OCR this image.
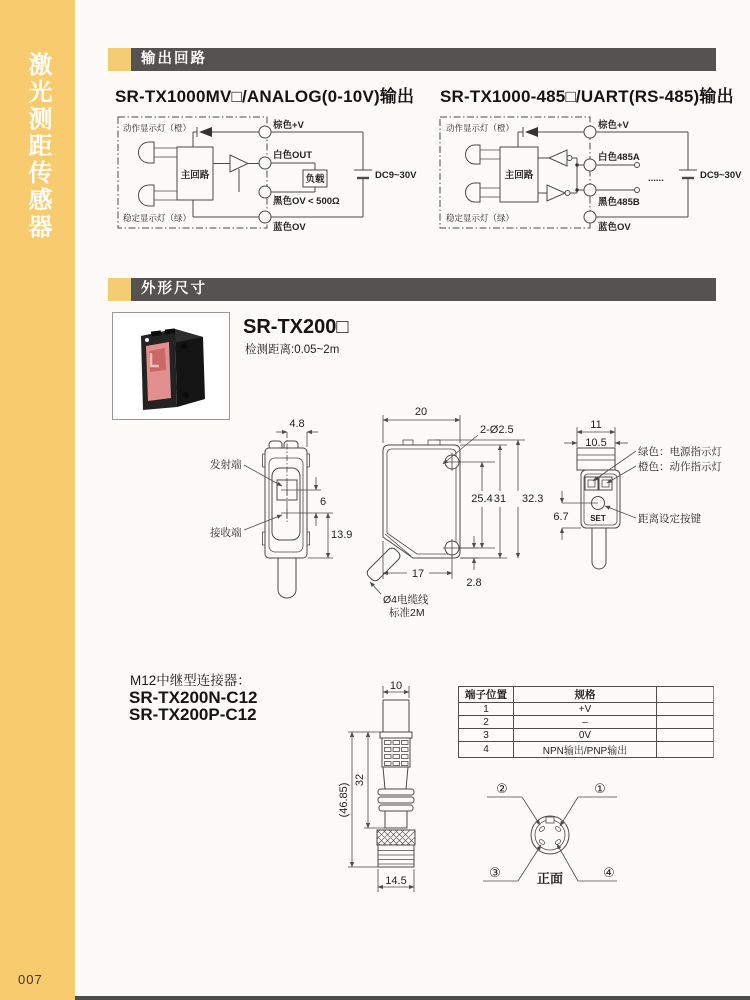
激光测距传感器
007
输出回路
SR-TX1000MV□/ANALOG(0-10V)输出 SR-TX1000-485□/UART(RS-485)输出
动作显示灯（橙）
稳定显示灯（绿）
主回路	负载
< 500Ω
DC9~30V
棕色+V
白色OUT
黑色OV
蓝色OV
动作显示灯（橙）
稳定显示灯（绿）
主回路	......	DC9~30V
棕色+V
白色485A
黑色485B
蓝色OV
外形尺寸
SR-TX200□
检测距离:0.05~2m
4.8
发射端
接收端
6
13.9
20
2-Ø2.5
25.4 31 32.3
17
2.8
Ø4电缆线
标准2M
SET
11
10.5
6.7
绿色：电源指示灯
橙色：动作指示灯
距离设定按键
M12中继型连接器：
SR-TX200N-C12
SR-TX200P-C12
10
32
(46.85)
14.5
端子位置	规格	
1	+V	
2	–	
3	0V	
4	NPN输出/PNP输出	
②	①
③	④
正面
